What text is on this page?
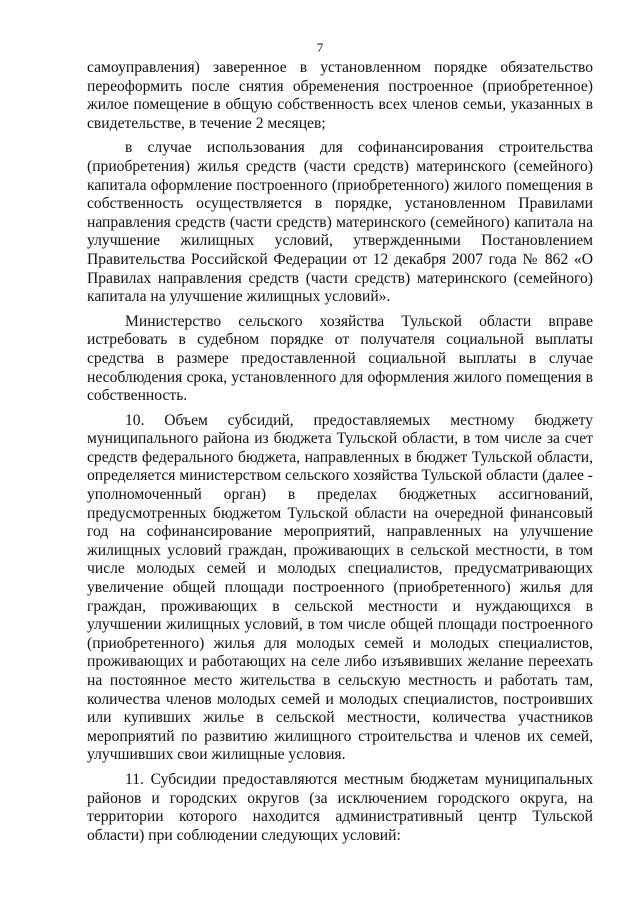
7

самоуправления) заверенное в установленном порядке обязательство переоформить после снятия обременения построенное (приобретенное) жилое помещение в общую собственность всех членов семьи, указанных в свидетельстве, в течение 2 месяцев;

в случае использования для софинансирования строительства (приобретения) жилья средств (части средств) материнского (семейного) капитала оформление построенного (приобретенного) жилого помещения в собственность осуществляется в порядке, установленном Правилами направления средств (части средств) материнского (семейного) капитала на улучшение жилищных условий, утвержденными Постановлением Правительства Российской Федерации от 12 декабря 2007 года № 862 «О Правилах направления средств (части средств) материнского (семейного) капитала на улучшение жилищных условий».

Министерство сельского хозяйства Тульской области вправе истребовать в судебном порядке от получателя социальной выплаты средства в размере предоставленной социальной выплаты в случае несоблюдения срока, установленного для оформления жилого помещения в собственность.

10. Объем субсидий, предоставляемых местному бюджету муниципального района из бюджета Тульской области, в том числе за счет средств федерального бюджета, направленных в бюджет Тульской области, определяется министерством сельского хозяйства Тульской области (далее - уполномоченный орган) в пределах бюджетных ассигнований, предусмотренных бюджетом Тульской области на очередной финансовый год на софинансирование мероприятий, направленных на улучшение жилищных условий граждан, проживающих в сельской местности, в том числе молодых семей и молодых специалистов, предусматривающих увеличение общей площади построенного (приобретенного) жилья для граждан, проживающих в сельской местности и нуждающихся в улучшении жилищных условий, в том числе общей площади построенного (приобретенного) жилья для молодых семей и молодых специалистов, проживающих и работающих на селе либо изъявивших желание переехать на постоянное место жительства в сельскую местность и работать там, количества членов молодых семей и молодых специалистов, построивших или купивших жилье в сельской местности, количества участников мероприятий по развитию жилищного строительства и членов их семей, улучшивших свои жилищные условия.

11. Субсидии предоставляются местным бюджетам муниципальных районов и городских округов (за исключением городского округа, на территории которого находится административный центр Тульской области) при соблюдении следующих условий:
